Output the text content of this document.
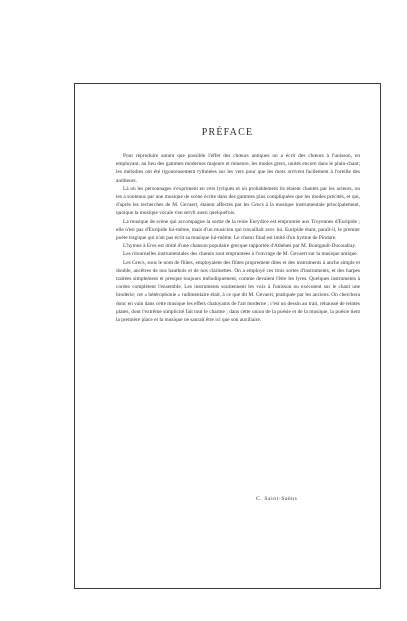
PRÉFACE

Pour reproduire autant que possible l'effet des chœurs antiques on a écrit des chœurs à l'unisson, en employant, au lieu des gammes modernes majeure et mineure, les modes grecs, unités encore dans le plain-chant; les mélodies ont été rigoureusement rythmées sur les vers pour que les mots arrivent facilement à l'oreille des auditeurs.

Là où les personnages s'expriment en vers lyriques et où probablement ils étaient chantés par les acteurs, on les a soutenus par une musique de scène écrite dans des gammes plus compliquées que les modes précités, et qui, d'après les recherches de M. Gevaert, étaient affectés par les Grecs à la musique instrumentale principalement, quoique la musique vocale s'en servît aussi quelquefois.

La musique de scène qui accompagne la sortie de la reine Eurydice est empruntée aux Troyennes d'Euripide ; elle n'est pas d'Euripide lui-même, mais d'un musicien qui travaillait avec lui. Euripide étant, paraît-il, le premier poète tragique qui n'ait pas écrit sa musique lui-même. Le chœur final est imité d'un hymne de Pindare.

L'hymne à Eros est imité d'une chanson populaire grecque rapportée d'Athènes par M. Bourgault-Ducoudray.

Les ritournelles instrumentales des chœurs sont empruntées à l'ouvrage de M. Gevaert sur la musique antique.

Les Grecs, sous le nom de flûtes, employaient des flûtes proprement dites et des instruments à anche simple et double, ancêtres de nos hautbois et de nos clarinettes. On a employé ces trois sortes d'instruments, et des harpes traitées simplement et presque toujours mélodiquement, comme devaient l'être les lyres. Quelques instruments à cordes complètent l'ensemble. Les instruments soutiennent les voix à l'unisson ou exécutent sur le chant une broderie; cet « hétérophonie » rudimentaire était, à ce que dit M. Gevaert, pratiquée par les anciens. On cherchera donc en vain dans cette musique les effets chatoyants de l'art moderne ; c'est un dessin au trait, rehaussé de teintes plates, dont l'extrême simplicité fait tout le charme ; dans cette union de la poésie et de la musique, la poésie tient la première place et la musique ne saurait être ici que son auxiliaire.

C. Saint-Saëns
